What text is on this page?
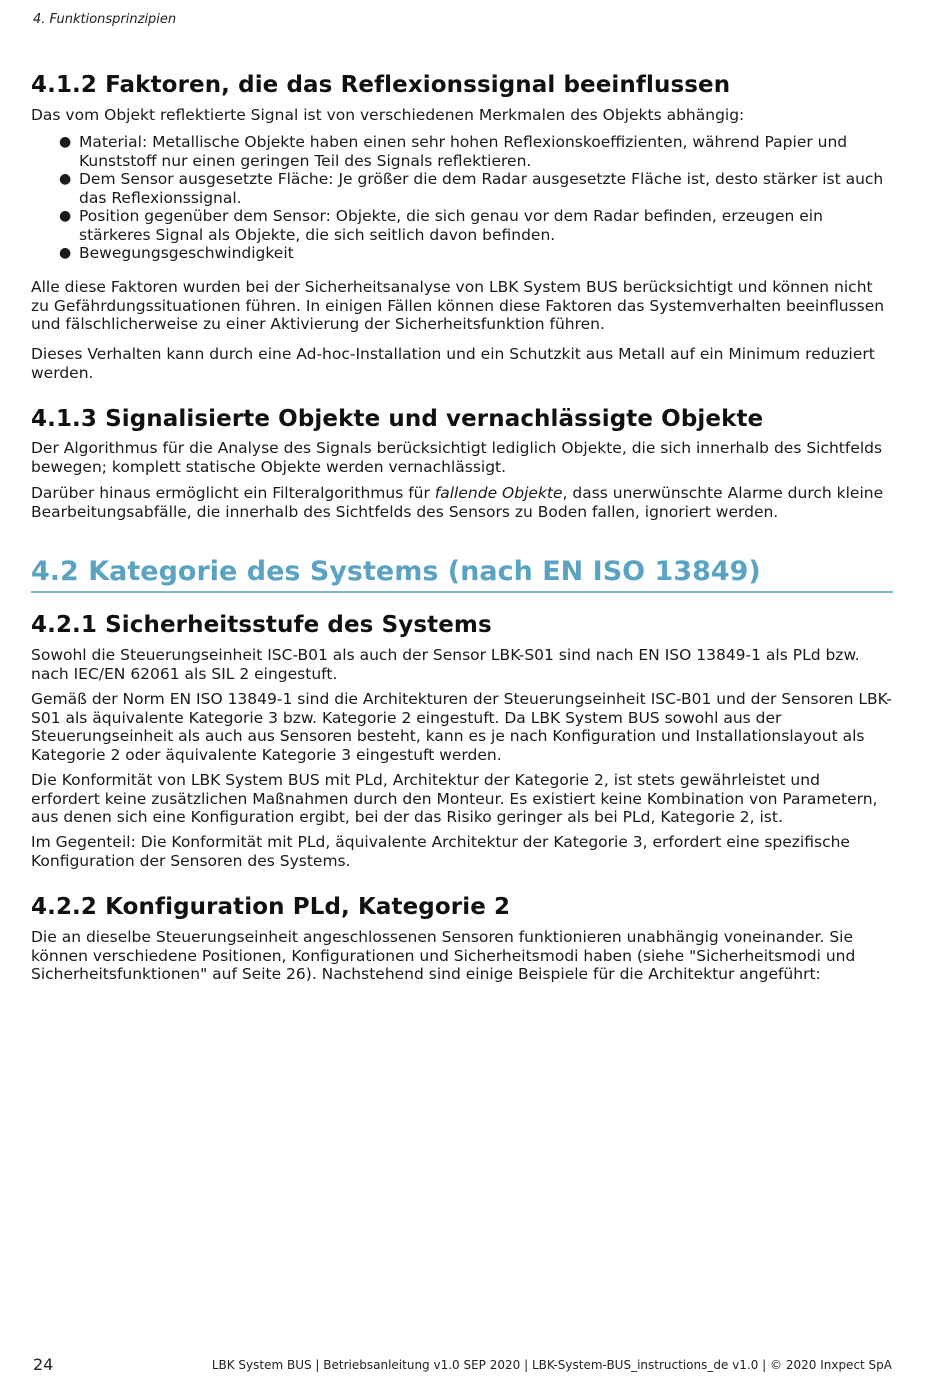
4. Funktionsprinzipien
4.1.2 Faktoren, die das Reflexionssignal beeinflussen

Das vom Objekt reflektierte Signal ist von verschiedenen Merkmalen des Objekts abhängig:

● Material: Metallische Objekte haben einen sehr hohen Reflexionskoeffizienten, während Papier und Kunststoff nur einen geringen Teil des Signals reflektieren.
● Dem Sensor ausgesetzte Fläche: Je größer die dem Radar ausgesetzte Fläche ist, desto stärker ist auch das Reflexionssignal.
● Position gegenüber dem Sensor: Objekte, die sich genau vor dem Radar befinden, erzeugen ein stärkeres Signal als Objekte, die sich seitlich davon befinden.
● Bewegungsgeschwindigkeit

Alle diese Faktoren wurden bei der Sicherheitsanalyse von LBK System BUS berücksichtigt und können nicht zu Gefährdungssituationen führen. In einigen Fällen können diese Faktoren das Systemverhalten beeinflussen und fälschlicherweise zu einer Aktivierung der Sicherheitsfunktion führen.

Dieses Verhalten kann durch eine Ad-hoc-Installation und ein Schutzkit aus Metall auf ein Minimum reduziert werden.

4.1.3 Signalisierte Objekte und vernachlässigte Objekte

Der Algorithmus für die Analyse des Signals berücksichtigt lediglich Objekte, die sich innerhalb des Sichtfelds bewegen; komplett statische Objekte werden vernachlässigt.

Darüber hinaus ermöglicht ein Filteralgorithmus für fallende Objekte, dass unerwünschte Alarme durch kleine Bearbeitungsabfälle, die innerhalb des Sichtfelds des Sensors zu Boden fallen, ignoriert werden.

4.2 Kategorie des Systems (nach EN ISO 13849)
4.2.1 Sicherheitsstufe des Systems

Sowohl die Steuerungseinheit ISC-B01 als auch der Sensor LBK-S01 sind nach EN ISO 13849-1 als PLd bzw. nach IEC/EN 62061 als SIL 2 eingestuft.

Gemäß der Norm EN ISO 13849-1 sind die Architekturen der Steuerungseinheit ISC-B01 und der Sensoren LBK-S01 als äquivalente Kategorie 3 bzw. Kategorie 2 eingestuft. Da LBK System BUS sowohl aus der Steuerungseinheit als auch aus Sensoren besteht, kann es je nach Konfiguration und Installationslayout als Kategorie 2 oder äquivalente Kategorie 3 eingestuft werden.

Die Konformität von LBK System BUS mit PLd, Architektur der Kategorie 2, ist stets gewährleistet und erfordert keine zusätzlichen Maßnahmen durch den Monteur. Es existiert keine Kombination von Parametern, aus denen sich eine Konfiguration ergibt, bei der das Risiko geringer als bei PLd, Kategorie 2, ist.

Im Gegenteil: Die Konformität mit PLd, äquivalente Architektur der Kategorie 3, erfordert eine spezifische Konfiguration der Sensoren des Systems.

4.2.2 Konfiguration PLd, Kategorie 2

Die an dieselbe Steuerungseinheit angeschlossenen Sensoren funktionieren unabhängig voneinander. Sie können verschiedene Positionen, Konfigurationen und Sicherheitsmodi haben (siehe "Sicherheitsmodi und Sicherheitsfunktionen" auf Seite 26). Nachstehend sind einige Beispiele für die Architektur angeführt:

24	LBK System BUS | Betriebsanleitung v1.0 SEP 2020 | LBK-System-BUS_instructions_de v1.0 | © 2020 Inxpect SpA
